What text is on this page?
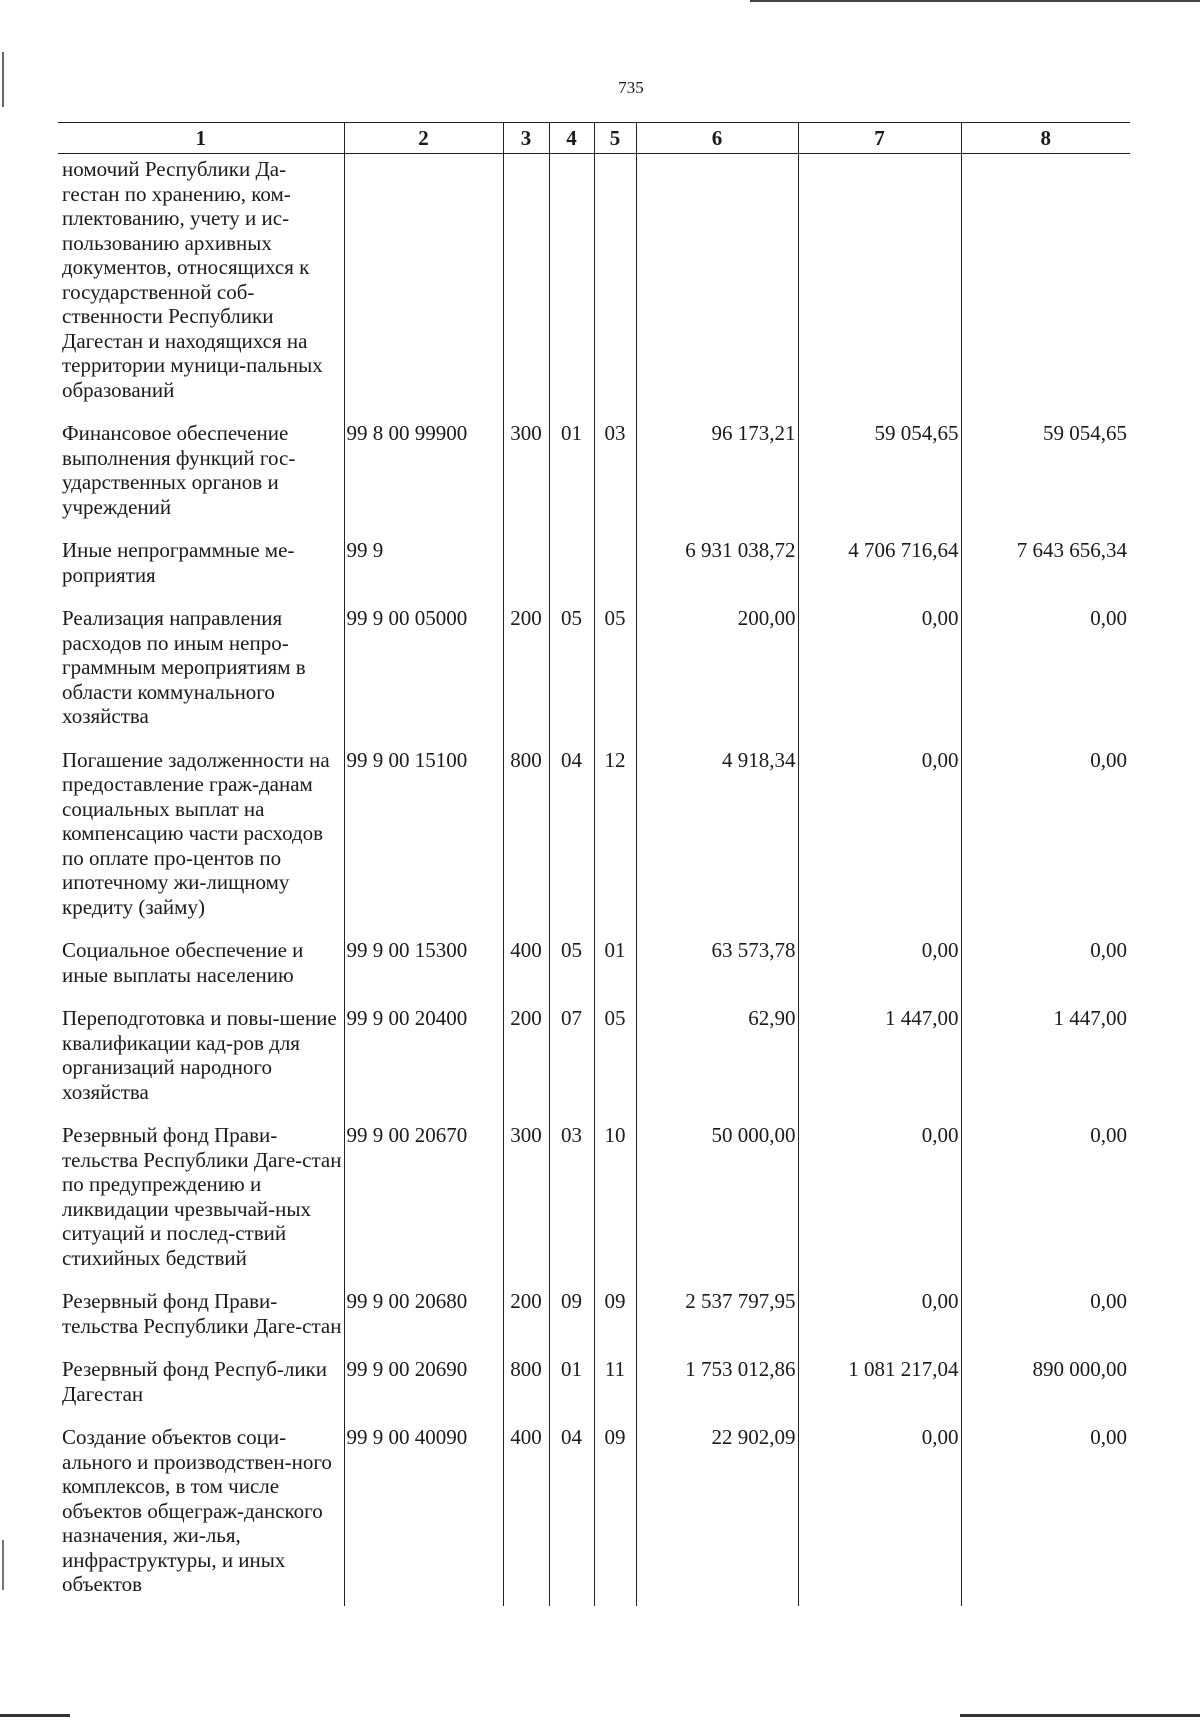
735
1	2	3	4	5	6	7	8
номочий Республики Да-гестан по хранению, ком-плектованию, учету и ис-пользованию архивных документов, относящихся к государственной соб-ственности Республики Дагестан и находящихся на территории муници-пальных образований							
Финансовое обеспечение выполнения функций гос-ударственных органов и учреждений	99 8 00 99900	300	01	03	96 173,21	59 054,65	59 054,65
Иные непрограммные ме-роприятия	99 9				6 931 038,72	4 706 716,64	7 643 656,34
Реализация направления расходов по иным непро-граммным мероприятиям в области коммунального хозяйства	99 9 00 05000	200	05	05	200,00	0,00	0,00
Погашение задолженности на предоставление граж-данам социальных выплат на компенсацию части расходов по оплате про-центов по ипотечному жи-лищному кредиту (займу)	99 9 00 15100	800	04	12	4 918,34	0,00	0,00
Социальное обеспечение и иные выплаты населению	99 9 00 15300	400	05	01	63 573,78	0,00	0,00
Переподготовка и повы-шение квалификации кад-ров для организаций народного хозяйства	99 9 00 20400	200	07	05	62,90	1 447,00	1 447,00
Резервный фонд Прави-тельства Республики Даге-стан по предупреждению и ликвидации чрезвычай-ных ситуаций и послед-ствий стихийных бедствий	99 9 00 20670	300	03	10	50 000,00	0,00	0,00
Резервный фонд Прави-тельства Республики Даге-стан	99 9 00 20680	200	09	09	2 537 797,95	0,00	0,00
Резервный фонд Респуб-лики Дагестан	99 9 00 20690	800	01	11	1 753 012,86	1 081 217,04	890 000,00
Создание объектов соци-ального и производствен-ного комплексов, в том числе объектов общеграж-данского назначения, жи-лья, инфраструктуры, и иных объектов	99 9 00 40090	400	04	09	22 902,09	0,00	0,00
